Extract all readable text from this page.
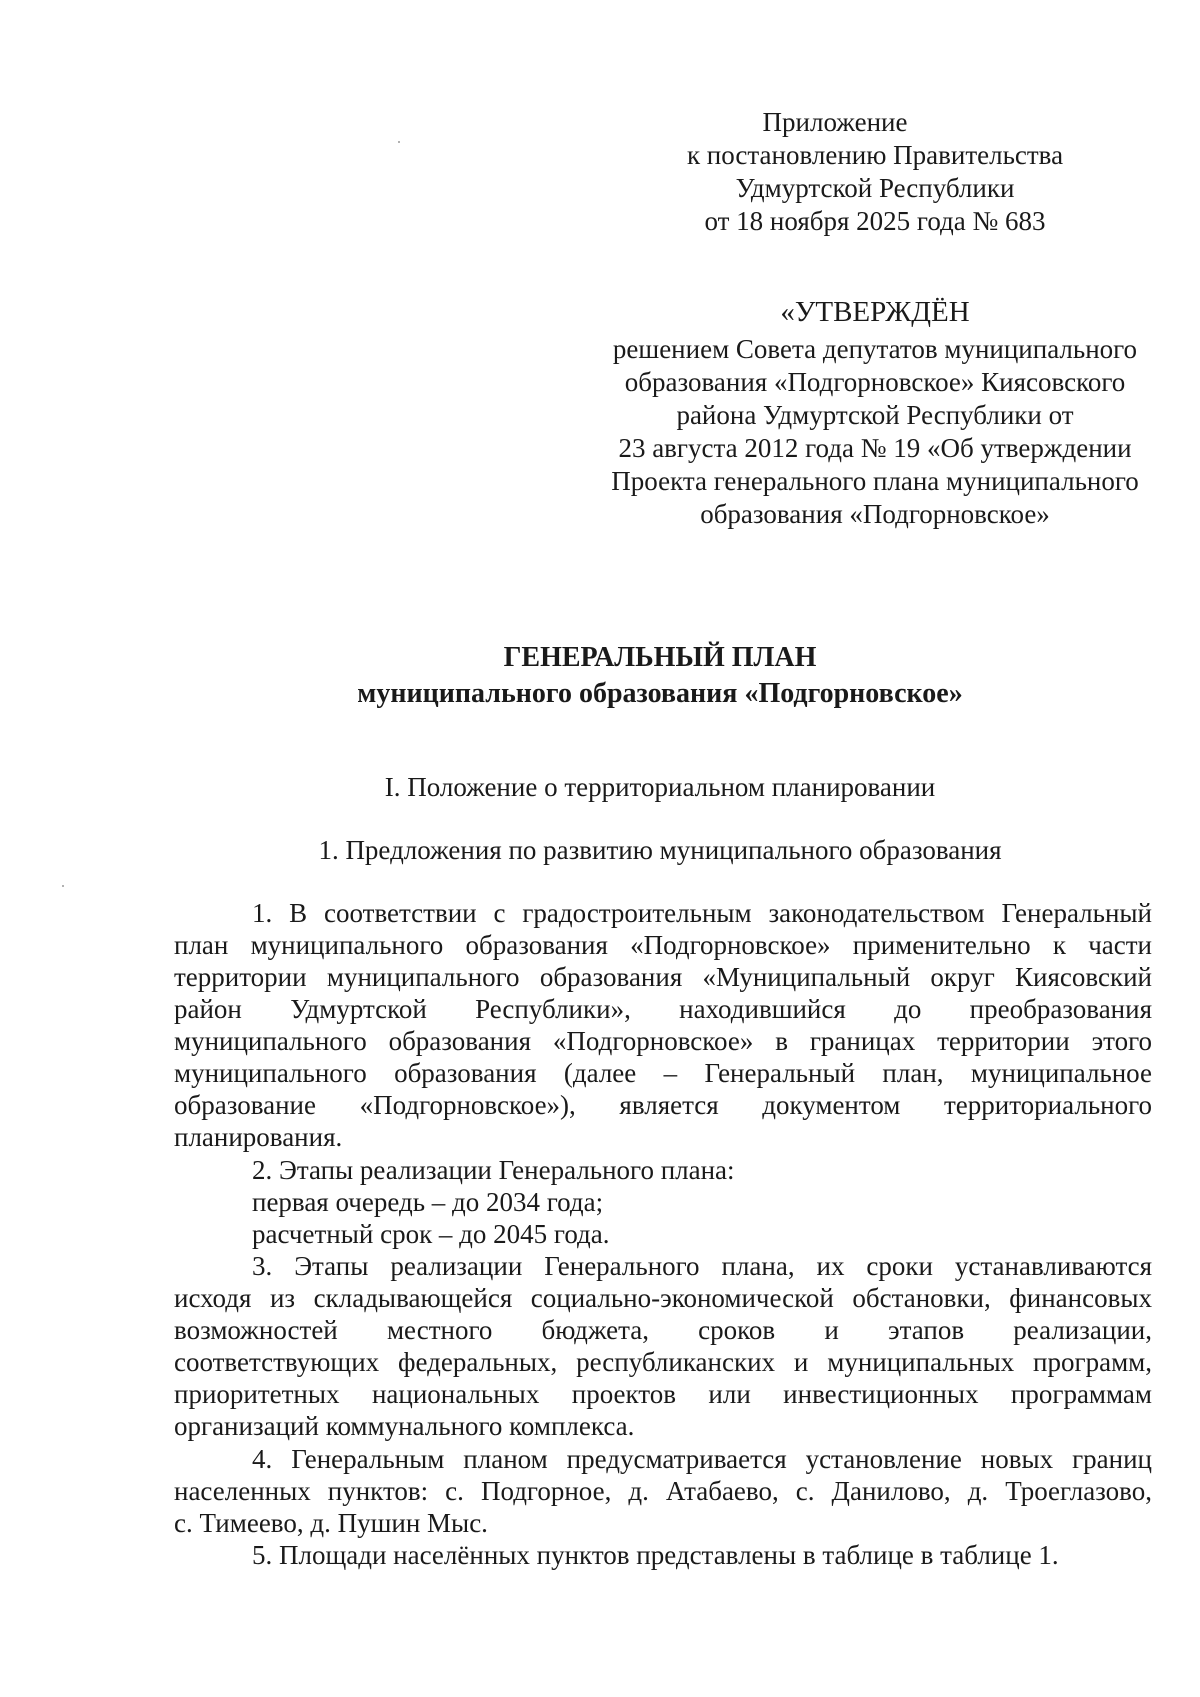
Приложение
к постановлению Правительства
Удмуртской Республики
от 18 ноября 2025 года № 683
«УТВЕРЖДЁН
решением Совета депутатов муниципального
образования «Подгорновское» Киясовского
района Удмуртской Республики от
23 августа 2012 года № 19 «Об утверждении
Проекта генерального плана муниципального
образования «Подгорновское»
ГЕНЕРАЛЬНЫЙ ПЛАН
муниципального образования «Подгорновское»
I. Положение о территориальном планировании
1. Предложения по развитию муниципального образования
1. В соответствии с градостроительным законодательством Генеральный
план муниципального образования «Подгорновское» применительно к части
территории муниципального образования «Муниципальный округ Киясовский
район Удмуртской Республики», находившийся до преобразования
муниципального образования «Подгорновское» в границах территории этого
муниципального образования (далее – Генеральный план, муниципальное
образование «Подгорновское»), является документом территориального
планирования.
2. Этапы реализации Генерального плана:
первая очередь – до 2034 года;
расчетный срок – до 2045 года.
3. Этапы реализации Генерального плана, их сроки устанавливаются
исходя из складывающейся социально-экономической обстановки, финансовых
возможностей местного бюджета, сроков и этапов реализации,
соответствующих федеральных, республиканских и муниципальных программ,
приоритетных национальных проектов или инвестиционных программам
организаций коммунального комплекса.
4. Генеральным планом предусматривается установление новых границ
населенных пунктов: с. Подгорное, д. Атабаево, с. Данилово, д. Троеглазово,
с. Тимеево, д. Пушин Мыс.
5. Площади населённых пунктов представлены в таблице в таблице 1.
